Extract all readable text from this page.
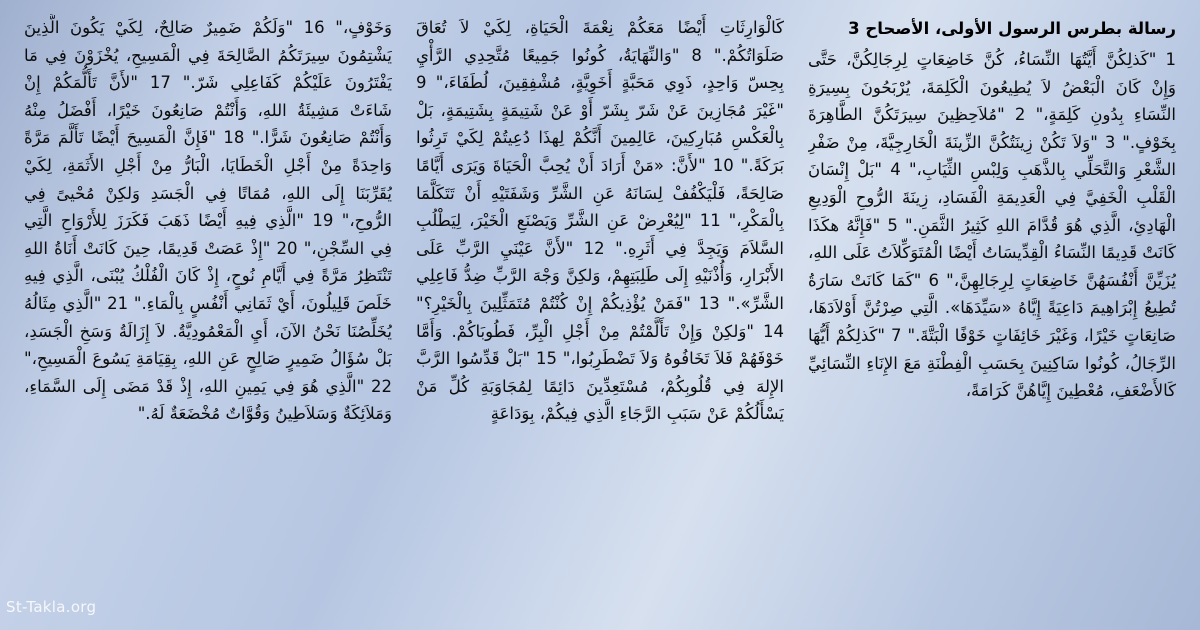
رسالة بطرس الرسول الأولى، الأصحاح 3

1 "كَذلِكُنَّ أَيَّتُهَا النِّسَاءُ، كُنَّ خَاضِعَاتٍ لِرِجَالِكُنَّ، حَتَّى وَإِنْ كَانَ الْبَعْضُ لاَ يُطِيعُونَ الْكَلِمَةَ، يُرْبَحُونَ بِسِيرَةِ النِّسَاءِ بِدُونِ كَلِمَةٍ،" 2 "مُلاَحِظِينَ سِيرَتَكُنَّ الطَّاهِرَةَ بِخَوْفٍ." 3 "وَلاَ تَكُنْ زِينَتُكُنَّ الزِّينَةَ الْخَارِجِيَّةَ، مِنْ ضَفْرِ الشَّعْرِ وَالتَّحَلِّي بِالذَّهَبِ وَلِبْسِ الثِّيَابِ،" 4 "بَلْ إِنْسَانَ الْقَلْبِ الْخَفِيَّ فِي الْعَدِيمَةِ الْفَسَادِ، زِينَةَ الرُّوحِ الْوَدِيعِ الْهَادِئِ، الَّذِي هُوَ قُدَّامَ اللهِ كَثِيرُ الثَّمَنِ." 5 "فَإِنَّهُ هكَذَا كَانَتْ قَدِيمًا النِّسَاءُ الْقِدِّيسَاتُ أَيْضًا الْمُتَوَكِّلاَتُ عَلَى اللهِ، يُزَيِّنَّ أَنْفُسَهُنَّ خَاضِعَاتٍ لِرِجَالِهِنَّ،" 6 "كَمَا كَانَتْ سَارَةُ تُطِيعُ إِبْرَاهِيمَ دَاعِيَةً إِيَّاهُ «سَيِّدَهَا». الَّتِي صِرْتُنَّ أَوْلاَدَهَا، صَانِعَاتٍ خَيْرًا، وَغَيْرَ خَائِفَاتٍ خَوْفًا الْبَتَّةَ." 7 "كَذلِكُمْ أَيُّهَا الرِّجَالُ، كُونُوا سَاكِنِينَ بِحَسَبِ الْفِطْنَةِ مَعَ الإِنَاءِ النِّسَائِيِّ كَالأَضْعَفِ، مُعْطِينَ إِيَّاهُنَّ كَرَامَةً،

كَالْوَارِثَاتِ أَيْضًا مَعَكُمْ نِعْمَةَ الْحَيَاةِ، لِكَيْ لاَ تُعَاقَ صَلَوَاتُكُمْ." 8 "وَالنِّهَايَةُ، كُونُوا جَمِيعًا مُتَّحِدِي الرَّأْيِ بِحِسّ وَاحِدٍ، ذَوِي مَحَبَّةٍ أَخَوِيَّةٍ، مُشْفِقِينَ، لُطَفَاءَ،" 9 "غَيْرَ مُجَازِينَ عَنْ شَرّ بِشَرّ أَوْ عَنْ شَتِيمَةٍ بِشَتِيمَةٍ، بَلْ بِالْعَكْسِ مُبَارِكِينَ، عَالِمِينَ أَنَّكُمْ لِهذَا دُعِيتُمْ لِكَيْ تَرِثُوا بَرَكَةً." 10 "لأَنَّ: «مَنْ أَرَادَ أَنْ يُحِبَّ الْحَيَاةَ وَيَرَى أَيَّامًا صَالِحَةً، فَلْيَكْفُفْ لِسَانَهُ عَنِ الشَّرِّ وَشَفَتَيْهِ أَنْ تَتَكَلَّمَا بِالْمَكْرِ،" 11 "لِيُعْرِضْ عَنِ الشَّرِّ وَيَصْنَعِ الْخَيْرَ، لِيَطْلُبِ السَّلاَمَ وَيَجِدَّ فِي أَثَرِهِ." 12 "لأَنَّ عَيْنَيِ الرَّبِّ عَلَى الأَبْرَارِ، وَأُذْنَيْهِ إِلَى طَلِبَتِهِمْ، وَلكِنَّ وَجْهَ الرَّبِّ ضِدُّ فَاعِلِي الشَّرِّ»." 13 "فَمَنْ يُؤْذِيكُمْ إِنْ كُنْتُمْ مُتَمَثِّلِينَ بِالْخَيْرِ؟" 14 "وَلكِنْ وَإِنْ تَأَلَّمْتُمْ مِنْ أَجْلِ الْبِرِّ، فَطُوبَاكُمْ. وَأَمَّا خَوْفَهُمْ فَلاَ تَخَافُوهُ وَلاَ تَضْطَرِبُوا،" 15 "بَلْ قَدِّسُوا الرَّبَّ الإِلهَ فِي قُلُوبِكُمْ، مُسْتَعِدِّينَ دَائِمًا لِمُجَاوَبَةِ كُلِّ مَنْ يَسْأَلُكُمْ عَنْ سَبَبِ الرَّجَاءِ الَّذِي فِيكُمْ، بِوَدَاعَةٍ

وَخَوْفٍ،" 16 "وَلَكُمْ ضَمِيرٌ صَالِحٌ، لِكَيْ يَكُونَ الَّذِينَ يَشْتِمُونَ سِيرَتَكُمُ الصَّالِحَةَ فِي الْمَسِيحِ، يُخْزَوْنَ فِي مَا يَفْتَرُونَ عَلَيْكُمْ كَفَاعِلِي شَرّ." 17 "لأَنَّ تَأَلُّمَكُمْ إِنْ شَاءَتْ مَشِيئَةُ اللهِ، وَأَنْتُمْ صَانِعُونَ خَيْرًا، أَفْضَلُ مِنْهُ وَأَنْتُمْ صَانِعُونَ شَرًّا." 18 "فَإِنَّ الْمَسِيحَ أَيْضًا تَأَلَّمَ مَرَّةً وَاحِدَةً مِنْ أَجْلِ الْخَطَايَا، الْبَارُّ مِنْ أَجْلِ الأَثَمَةِ، لِكَيْ يُقَرِّبَنَا إِلَى اللهِ، مُمَاتًا فِي الْجَسَدِ وَلكِنْ مُحْيىً فِي الرُّوحِ،" 19 "الَّذِي فِيهِ أَيْضًا ذَهَبَ فَكَرَزَ لِلأَرْوَاحِ الَّتِي فِي السِّجْنِ،" 20 "إِذْ عَصَتْ قَدِيمًا، حِينَ كَانَتْ أَنَاةُ اللهِ تَنْتَظِرُ مَرَّةً فِي أَيَّامِ نُوحٍ، إِذْ كَانَ الْفُلْكُ يُبْنَى، الَّذِي فِيهِ خَلَصَ قَلِيلُونَ، أَيْ ثَمَانِي أَنْفُسٍ بِالْمَاءِ." 21 "الَّذِي مِثَالُهُ يُخَلِّصُنَا نَحْنُ الآنَ، أَيِ الْمَعْمُودِيَّةُ. لاَ إِزَالَةُ وَسَخِ الْجَسَدِ، بَلْ سُؤَالُ ضَمِيرٍ صَالِحٍ عَنِ اللهِ، بِقِيَامَةِ يَسُوعَ الْمَسِيحِ،" 22 "الَّذِي هُوَ فِي يَمِينِ اللهِ، إِذْ قَدْ مَضَى إِلَى السَّمَاءِ، وَمَلاَئِكَةٌ وَسَلاَطِينُ وَقُوَّاتٌ مُخْضَعَةٌ لَهُ."

St-Takla.org
